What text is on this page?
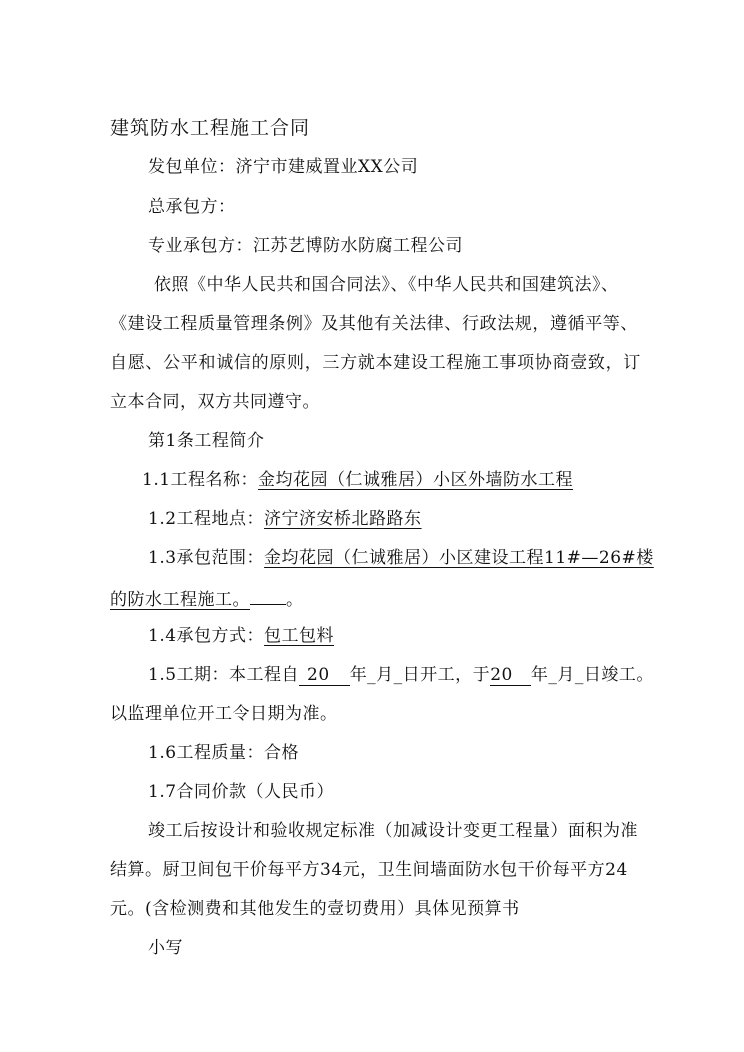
建筑防水工程施工合同
发包单位：济宁市建威置业XX公司
总承包方：
专业承包方：江苏艺博防水防腐工程公司
依照《中华人民共和国合同法》、《中华人民共和国建筑法》、
《建设工程质量管理条例》及其他有关法律、行政法规，遵循平等、
自愿、公平和诚信的原则，三方就本建设工程施工事项协商壹致，订
立本合同，双方共同遵守。
第1条工程简介
1.1工程名称：金均花园（仁诚雅居）小区外墙防水工程
1.2工程地点：济宁济安桥北路路东
1.3承包范围：金均花园（仁诚雅居）小区建设工程11#—26#楼
的防水工程施工。 。
1.4承包方式：包工包料
1.5工期：本工程自 20 年_月_日开工，于20 年_月_日竣工。
以监理单位开工令日期为准。
1.6工程质量：合格
1.7合同价款（人民币）
竣工后按设计和验收规定标准（加减设计变更工程量）面积为准
结算。厨卫间包干价每平方34元，卫生间墙面防水包干价每平方24
元。(含检测费和其他发生的壹切费用）具体见预算书
小写
